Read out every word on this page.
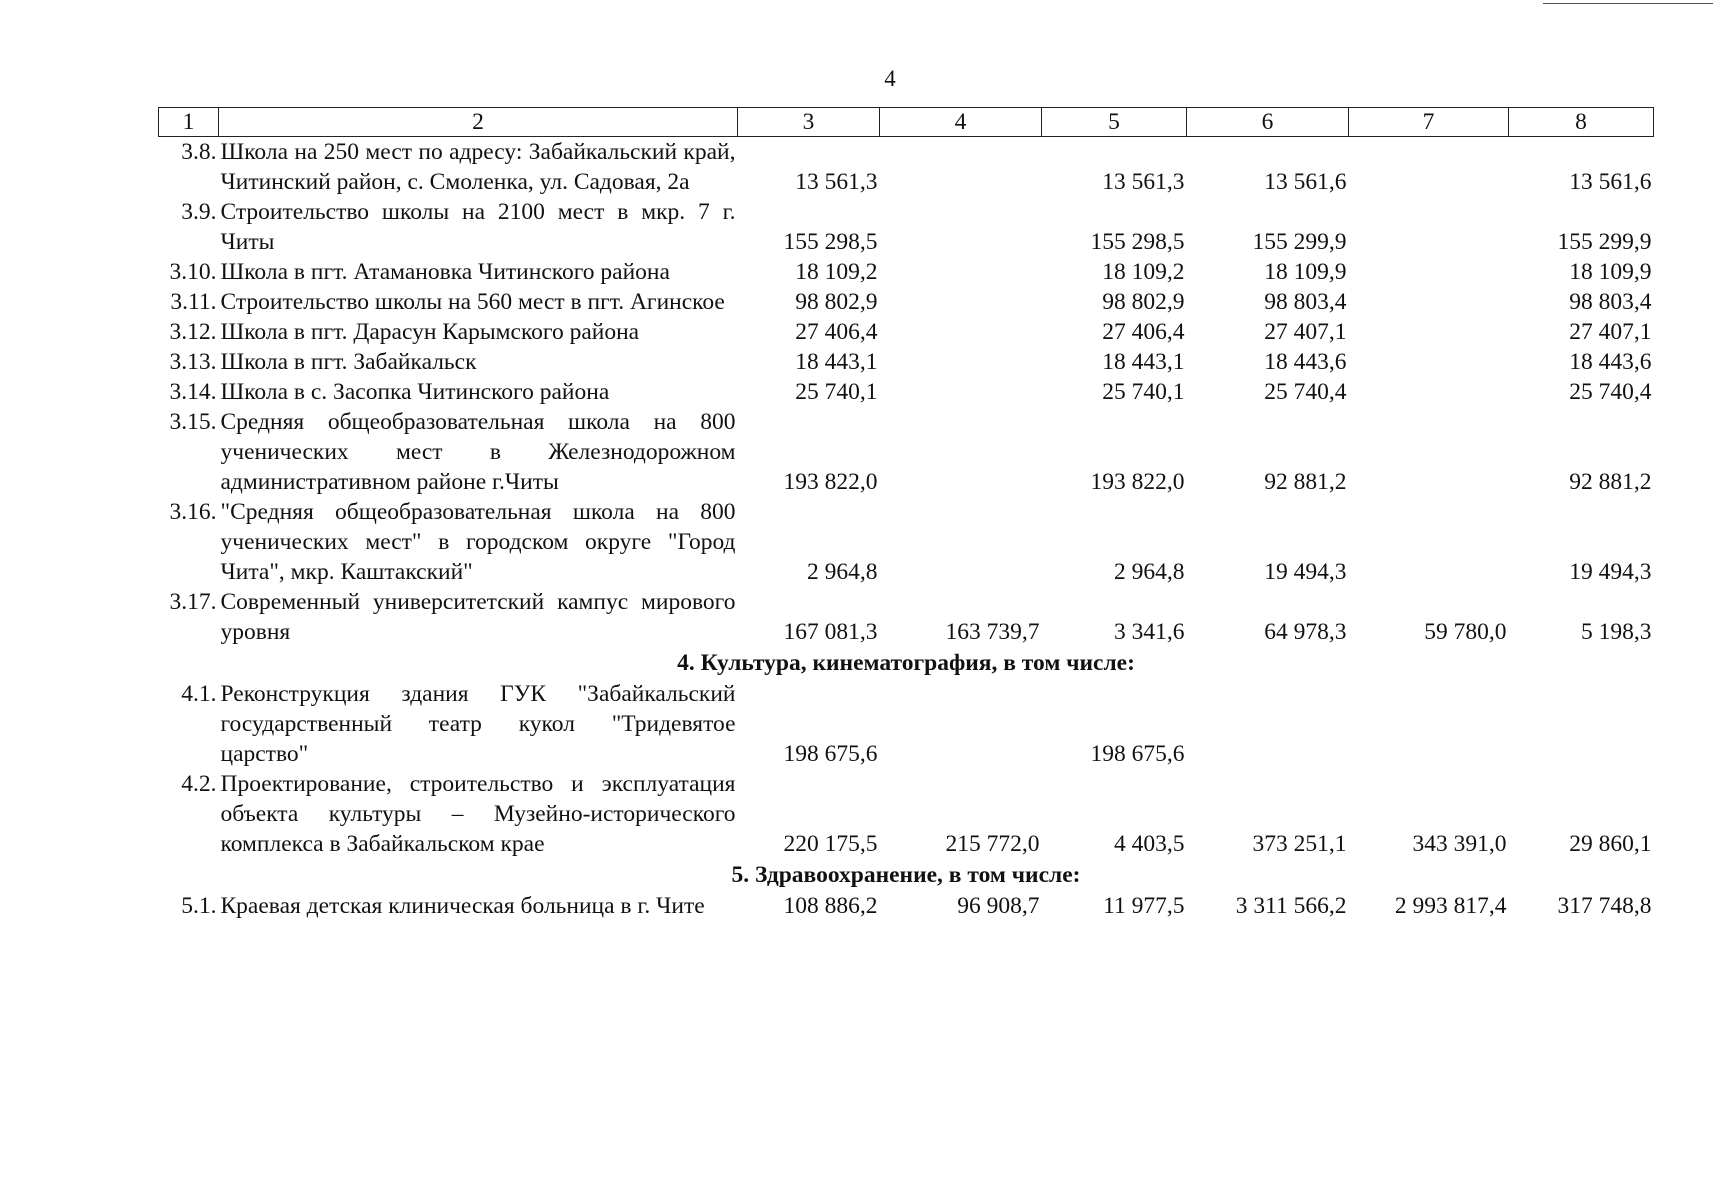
4
1	2	3	4	5	6	7	8
3.8.	Школа на 250 мест по адресу: Забайкальский край, Читинский район, с. Смоленка, ул. Садовая, 2а	13 561,3		13 561,3	13 561,6		13 561,6
3.9.	Строительство школы на 2100 мест в мкр. 7 г. Читы	155 298,5		155 298,5	155 299,9		155 299,9
3.10.	Школа в пгт. Атамановка Читинского района	18 109,2		18 109,2	18 109,9		18 109,9
3.11.	Строительство школы на 560 мест в пгт. Агинское	98 802,9		98 802,9	98 803,4		98 803,4
3.12.	Школа в пгт. Дарасун Карымского района	27 406,4		27 406,4	27 407,1		27 407,1
3.13.	Школа в пгт. Забайкальск	18 443,1		18 443,1	18 443,6		18 443,6
3.14.	Школа в с. Засопка Читинского района	25 740,1		25 740,1	25 740,4		25 740,4
3.15.	Средняя общеобразовательная школа на 800 ученических мест в Железнодорожном административном районе г.Читы	193 822,0		193 822,0	92 881,2		92 881,2
3.16.	"Средняя общеобразовательная школа на 800 ученических мест" в городском округе "Город Чита", мкр. Каштакский"	2 964,8		2 964,8	19 494,3		19 494,3
3.17.	Современный университетский кампус мирового уровня	167 081,3	163 739,7	3 341,6	64 978,3	59 780,0	5 198,3
4. Культура, кинематография, в том числе:							
4.1.	Реконструкция здания ГУК "Забайкальский государственный театр кукол "Тридевятое царство"	198 675,6		198 675,6			
4.2.	Проектирование, строительство и эксплуатация объекта культуры – Музейно-исторического комплекса в Забайкальском крае	220 175,5	215 772,0	4 403,5	373 251,1	343 391,0	29 860,1
5. Здравоохранение, в том числе:							
5.1.	Краевая детская клиническая больница в г. Чите	108 886,2	96 908,7	11 977,5	3 311 566,2	2 993 817,4	317 748,8
